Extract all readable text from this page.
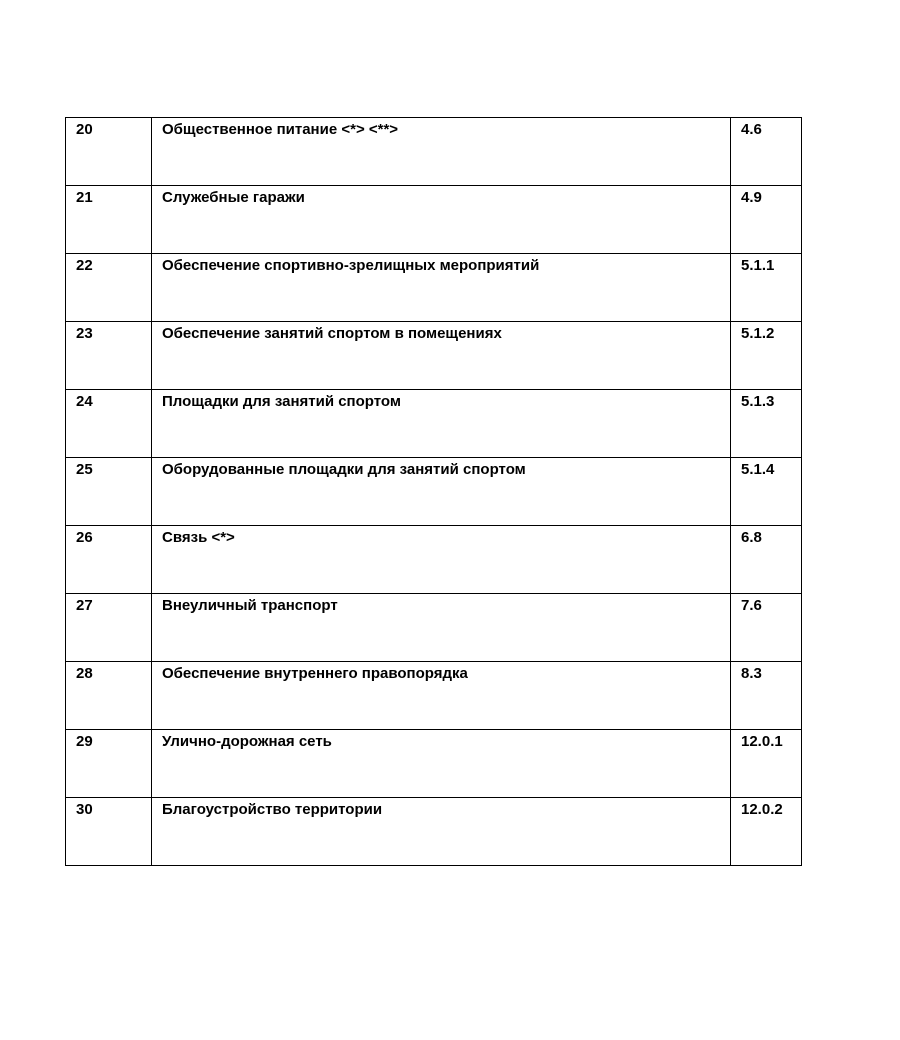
20	Общественное питание <*> <**>	4.6
21	Служебные гаражи	4.9
22	Обеспечение спортивно-зрелищных мероприятий	5.1.1
23	Обеспечение занятий спортом в помещениях	5.1.2
24	Площадки для занятий спортом	5.1.3
25	Оборудованные площадки для занятий спортом	5.1.4
26	Связь <*>	6.8
27	Внеуличный транспорт	7.6
28	Обеспечение внутреннего правопорядка	8.3
29	Улично-дорожная сеть	12.0.1
30	Благоустройство территории	12.0.2
